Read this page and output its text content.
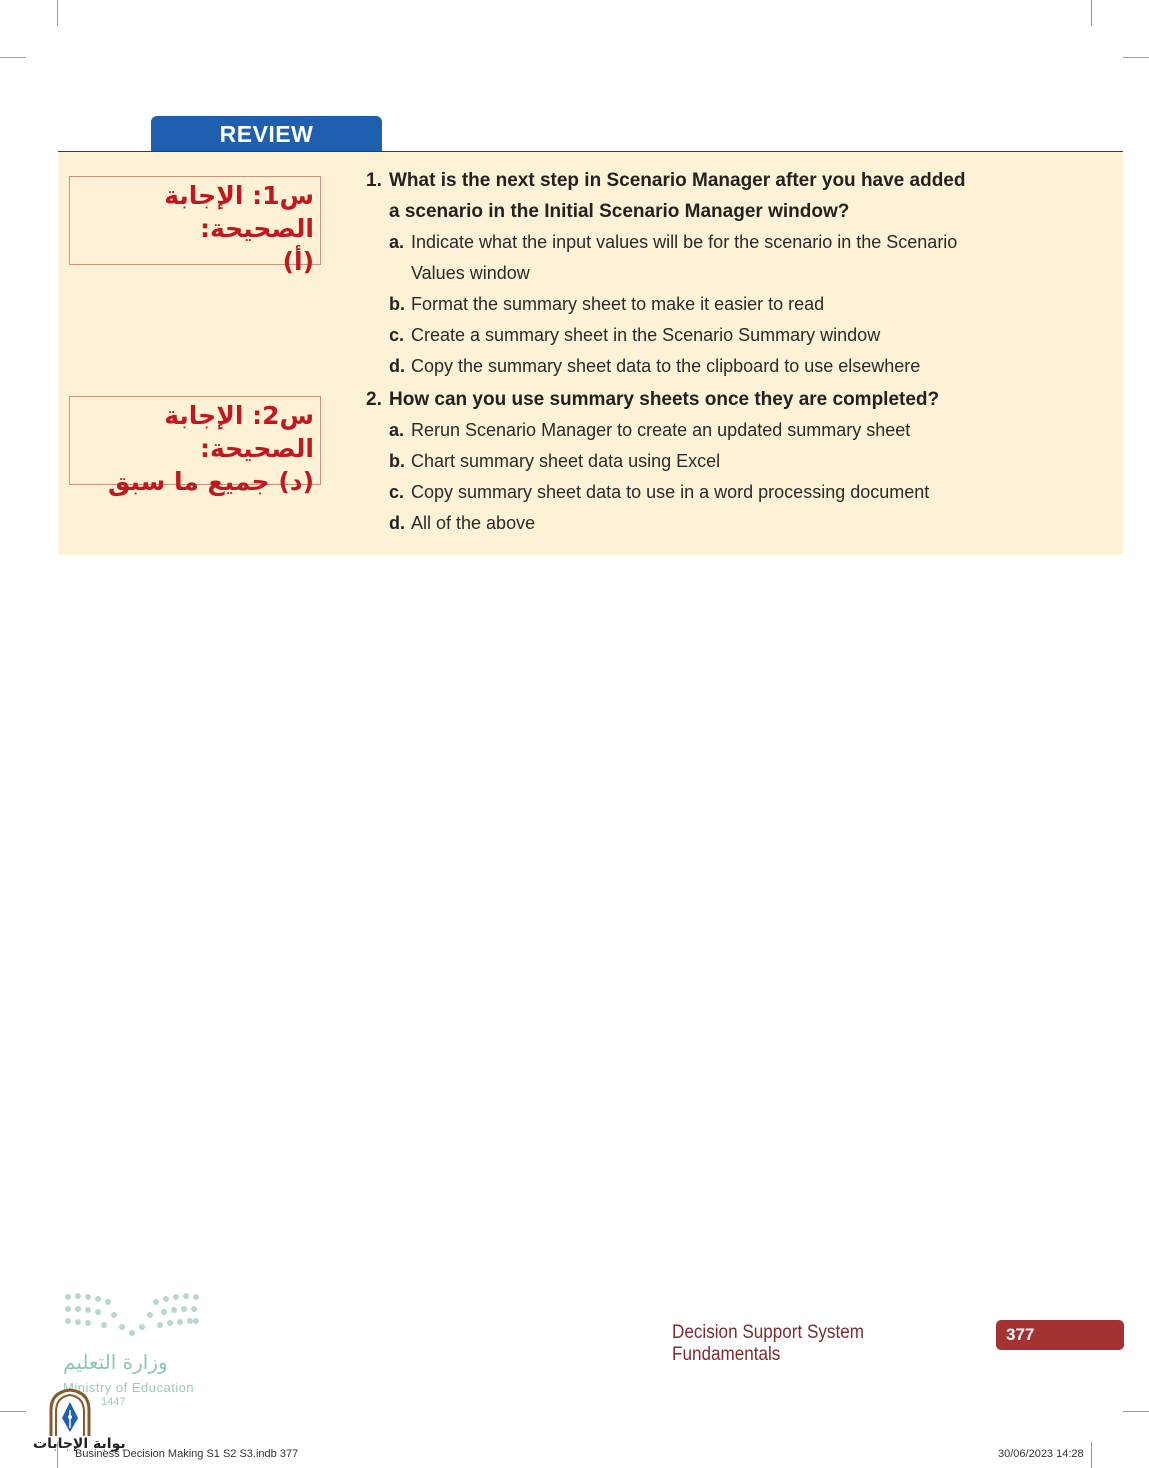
REVIEW
1. What is the next step in Scenario Manager after you have added
a scenario in the Initial Scenario Manager window?
a. Indicate what the input values will be for the scenario in the Scenario
Values window
b. Format the summary sheet to make it easier to read
c. Create a summary sheet in the Scenario Summary window
d. Copy the summary sheet data to the clipboard to use elsewhere
2. How can you use summary sheets once they are completed?
a. Rerun Scenario Manager to create an updated summary sheet
b. Chart summary sheet data using Excel
c. Copy summary sheet data to use in a word processing document
d. All of the above
س1: الإجابة الصحيحة:
(أ)
س2: الإجابة الصحيحة:
(د) جميع ما سبق
وزارة التعليم
Ministry of Education
1447
Decision Support System Fundamentals
377
بوابة الإجابات
Business Decision Making S1 S2 S3.indb 377	30/06/2023 14:28
